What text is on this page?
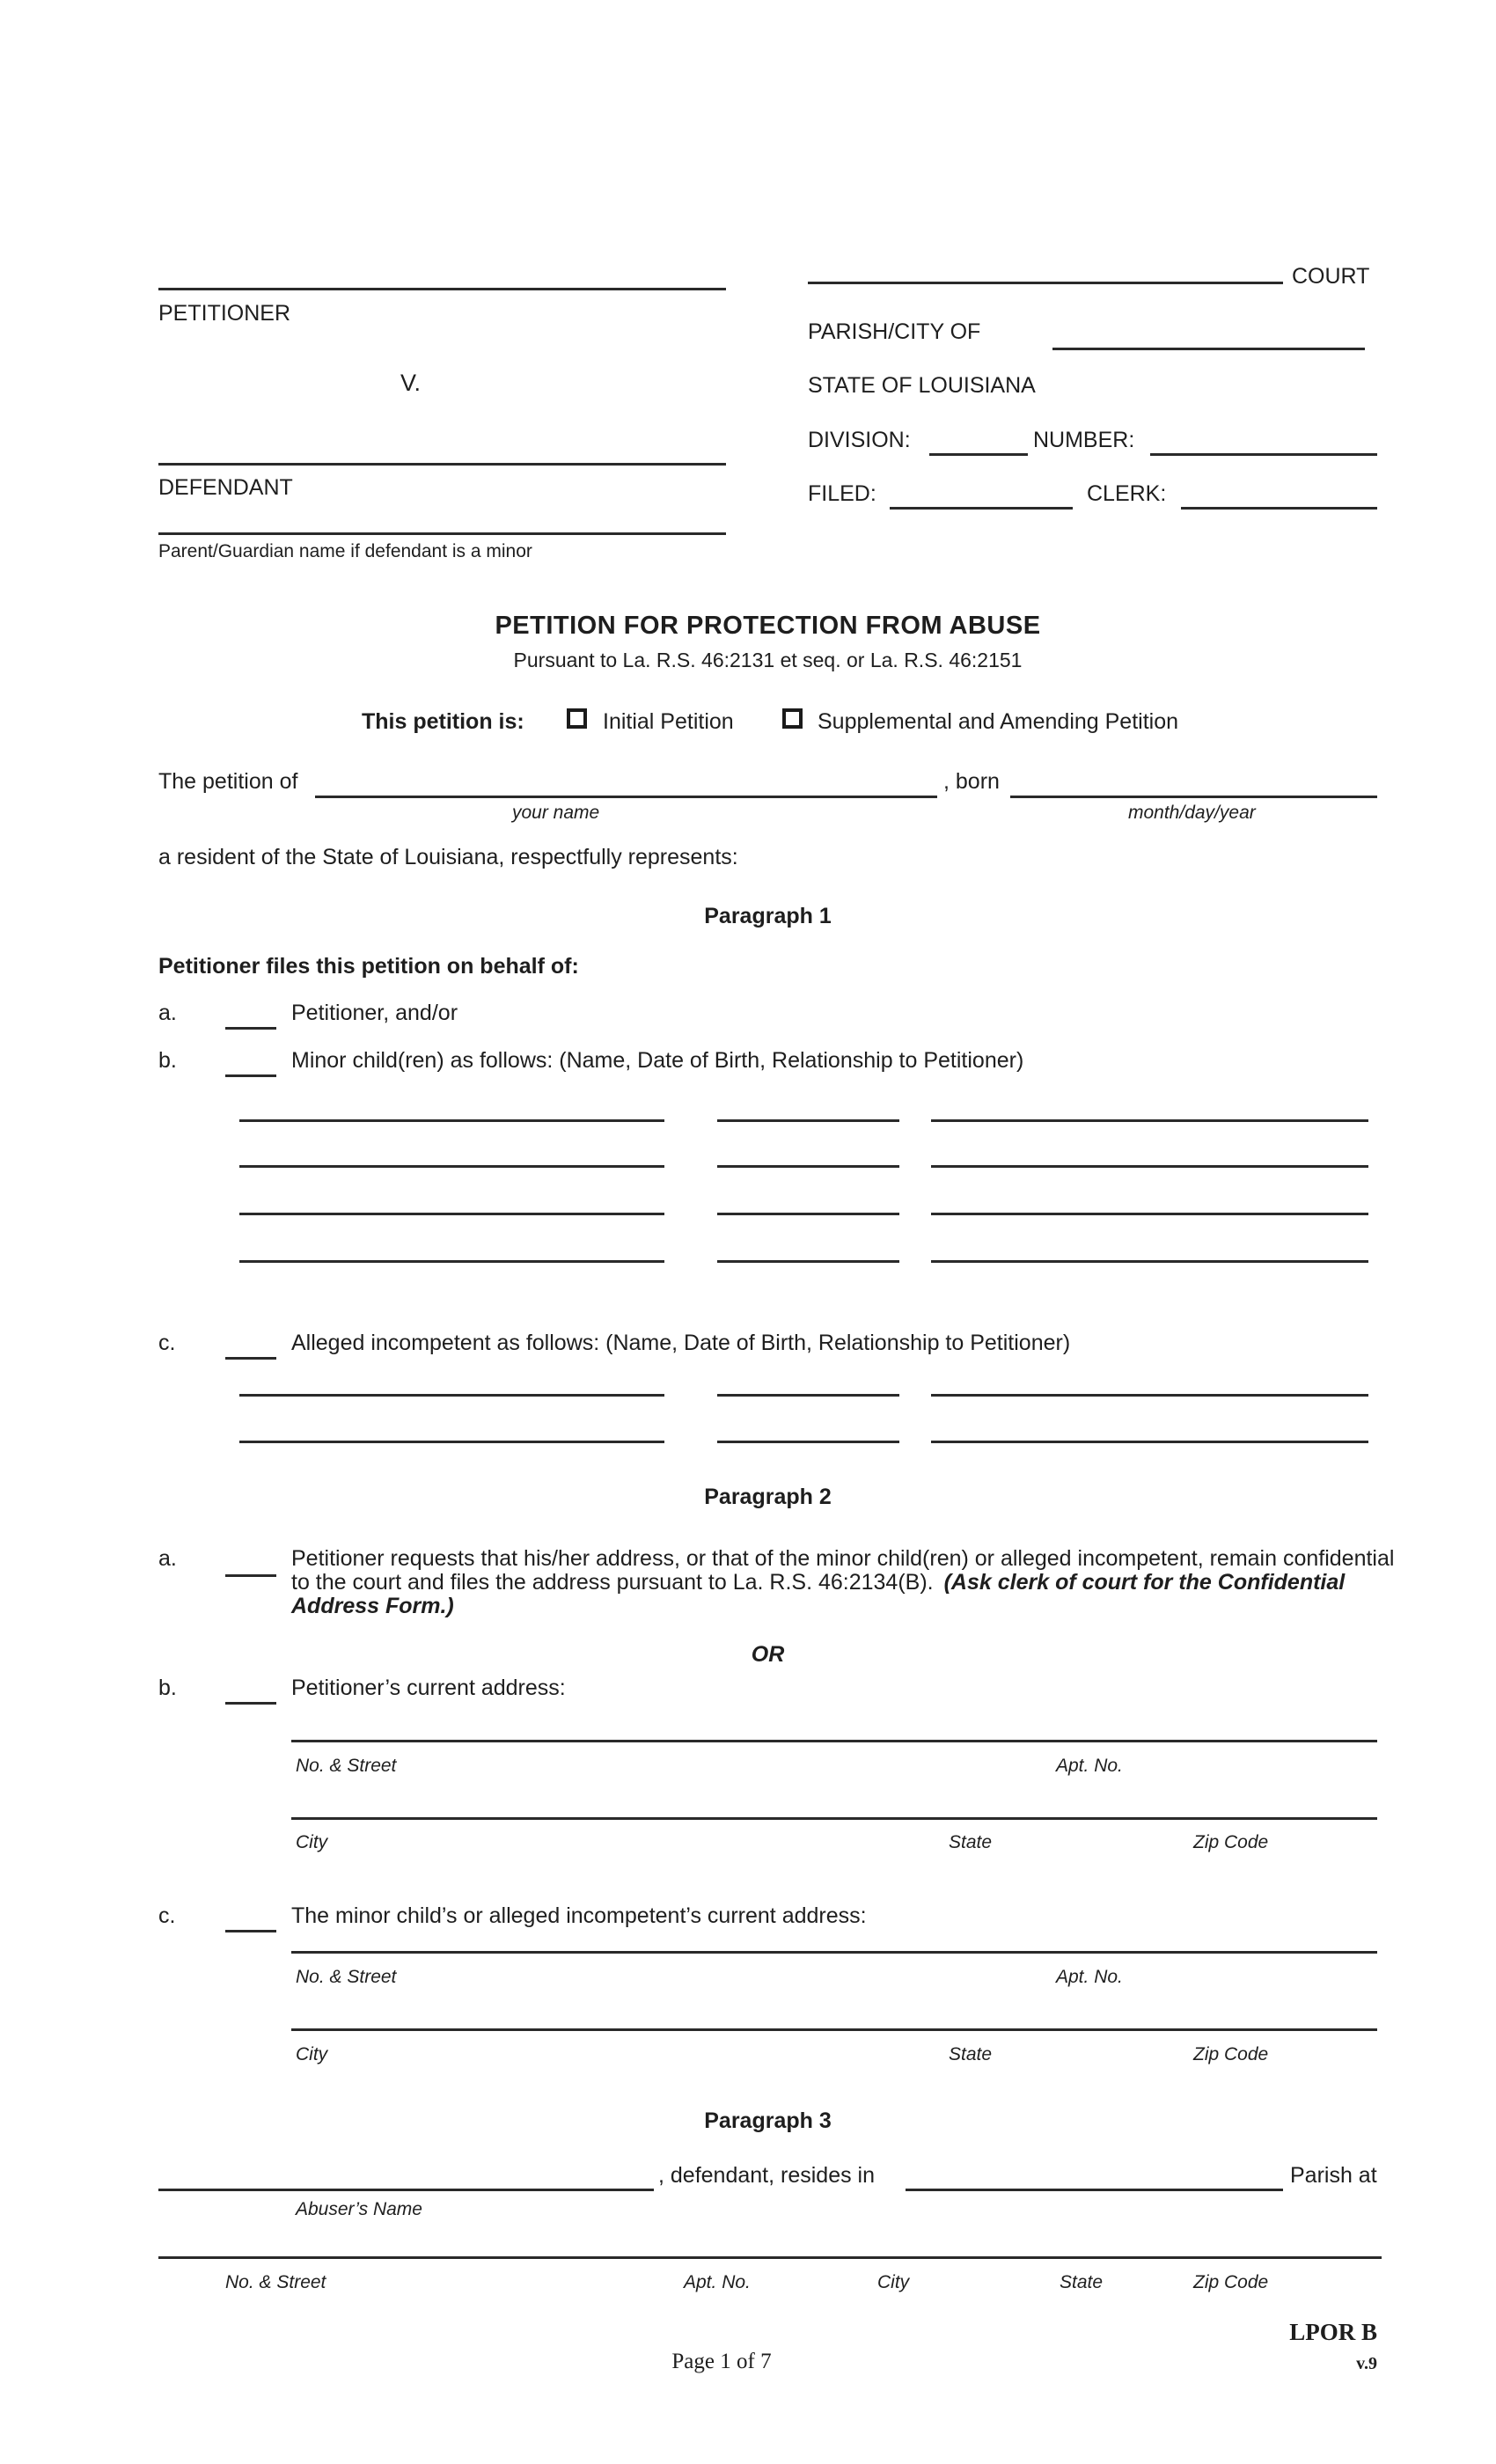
PETITIONER
V.
DEFENDANT
Parent/Guardian name if defendant is a minor
COURT
PARISH/CITY OF
STATE OF LOUISIANA
DIVISION:	NUMBER:
FILED:	CLERK:
PETITION FOR PROTECTION FROM ABUSE
Pursuant to La. R.S. 46:2131 et seq. or La. R.S. 46:2151
This petition is:	Initial Petition	Supplemental and Amending Petition
The petition of	, born
your name	month/day/year
a resident of the State of Louisiana, respectfully represents:
Paragraph 1
Petitioner files this petition on behalf of:
a.	Petitioner, and/or
b.	Minor child(ren) as follows: (Name, Date of Birth, Relationship to Petitioner)
c.	Alleged incompetent as follows: (Name, Date of Birth, Relationship to Petitioner)
Paragraph 2
a.	Petitioner requests that his/her address, or that of the minor child(ren) or alleged incompetent, remain confidential
to the court and files the address pursuant to La. R.S. 46:2134(B). (Ask clerk of court for the Confidential
Address Form.)
OR
b.	Petitioner’s current address:
No. & Street	Apt. No.
City	State	Zip Code
c.	The minor child’s or alleged incompetent’s current address:
No. & Street	Apt. No.
City	State	Zip Code
Paragraph 3
, defendant, resides in	Parish at
Abuser’s Name
No. & Street	Apt. No.	City	State	Zip Code
LPOR B
Page 1 of 7	v.9
